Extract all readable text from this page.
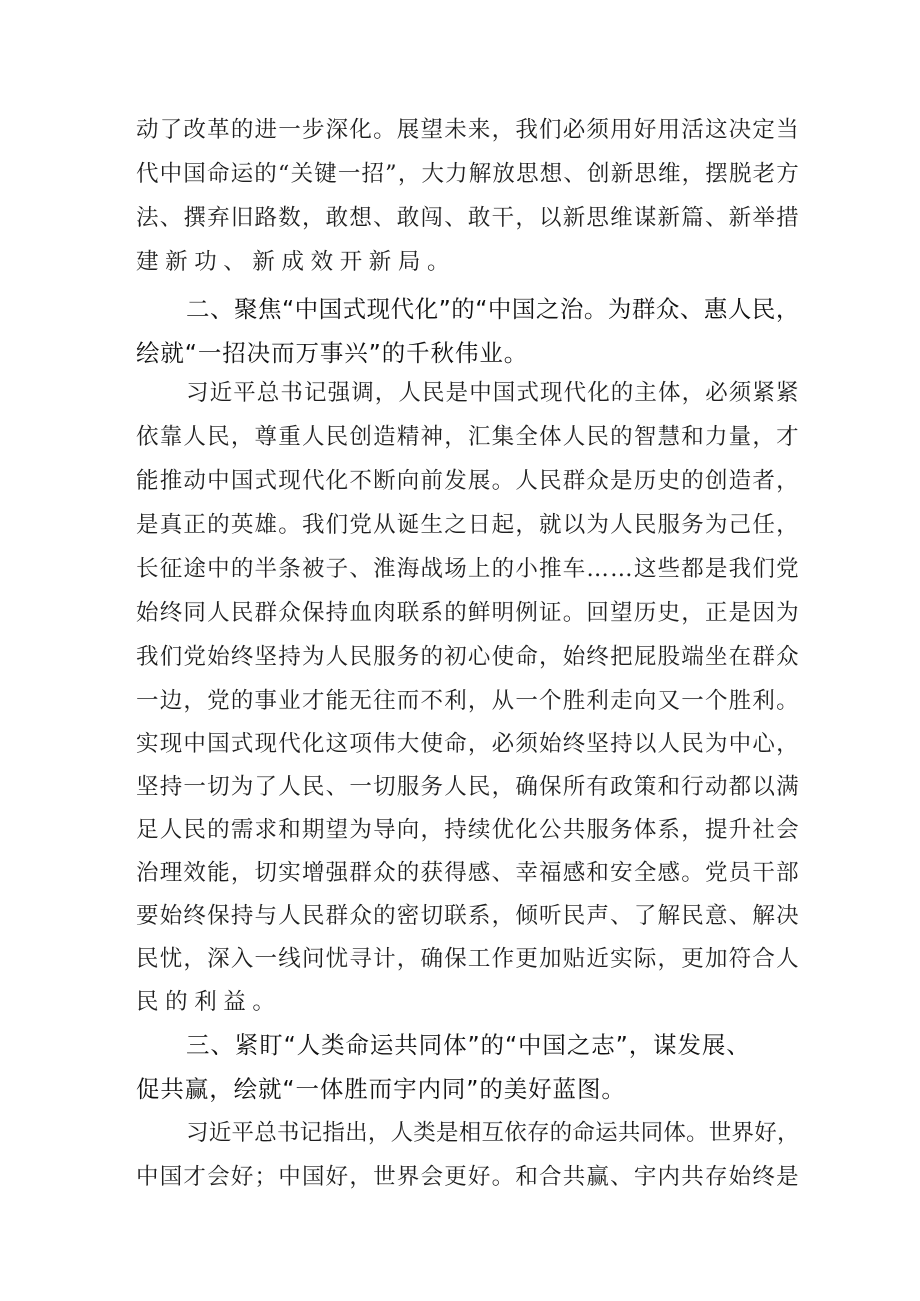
动了改革的进一步深化。展望未来，我们必须用好用活这决定当
代中国命运的“关键一招”，大力解放思想、创新思维，摆脱老方
法、撰弃旧路数，敢想、敢闯、敢干，以新思维谋新篇、新举措
建新功、新成效开新局。
二、聚焦“中国式现代化”的“中国之治。为群众、惠人民，
绘就“一招决而万事兴”的千秋伟业。
习近平总书记强调，人民是中国式现代化的主体，必须紧紧
依靠人民，尊重人民创造精神，汇集全体人民的智慧和力量，才
能推动中国式现代化不断向前发展。人民群众是历史的创造者，
是真正的英雄。我们党从诞生之日起，就以为人民服务为己任，
长征途中的半条被子、淮海战场上的小推车……这些都是我们党
始终同人民群众保持血肉联系的鲜明例证。回望历史，正是因为
我们党始终坚持为人民服务的初心使命，始终把屁股端坐在群众
一边，党的事业才能无往而不利，从一个胜利走向又一个胜利。
实现中国式现代化这项伟大使命，必须始终坚持以人民为中心，
坚持一切为了人民、一切服务人民，确保所有政策和行动都以满
足人民的需求和期望为导向，持续优化公共服务体系，提升社会
治理效能，切实增强群众的获得感、幸福感和安全感。党员干部
要始终保持与人民群众的密切联系，倾听民声、了解民意、解决
民忧，深入一线问忧寻计，确保工作更加贴近实际，更加符合人
民的利益。
三、紧盯“人类命运共同体”的“中国之志”，谋发展、
促共赢，绘就“一体胜而宇内同”的美好蓝图。
习近平总书记指出，人类是相互依存的命运共同体。世界好，
中国才会好；中国好，世界会更好。和合共赢、宇内共存始终是
